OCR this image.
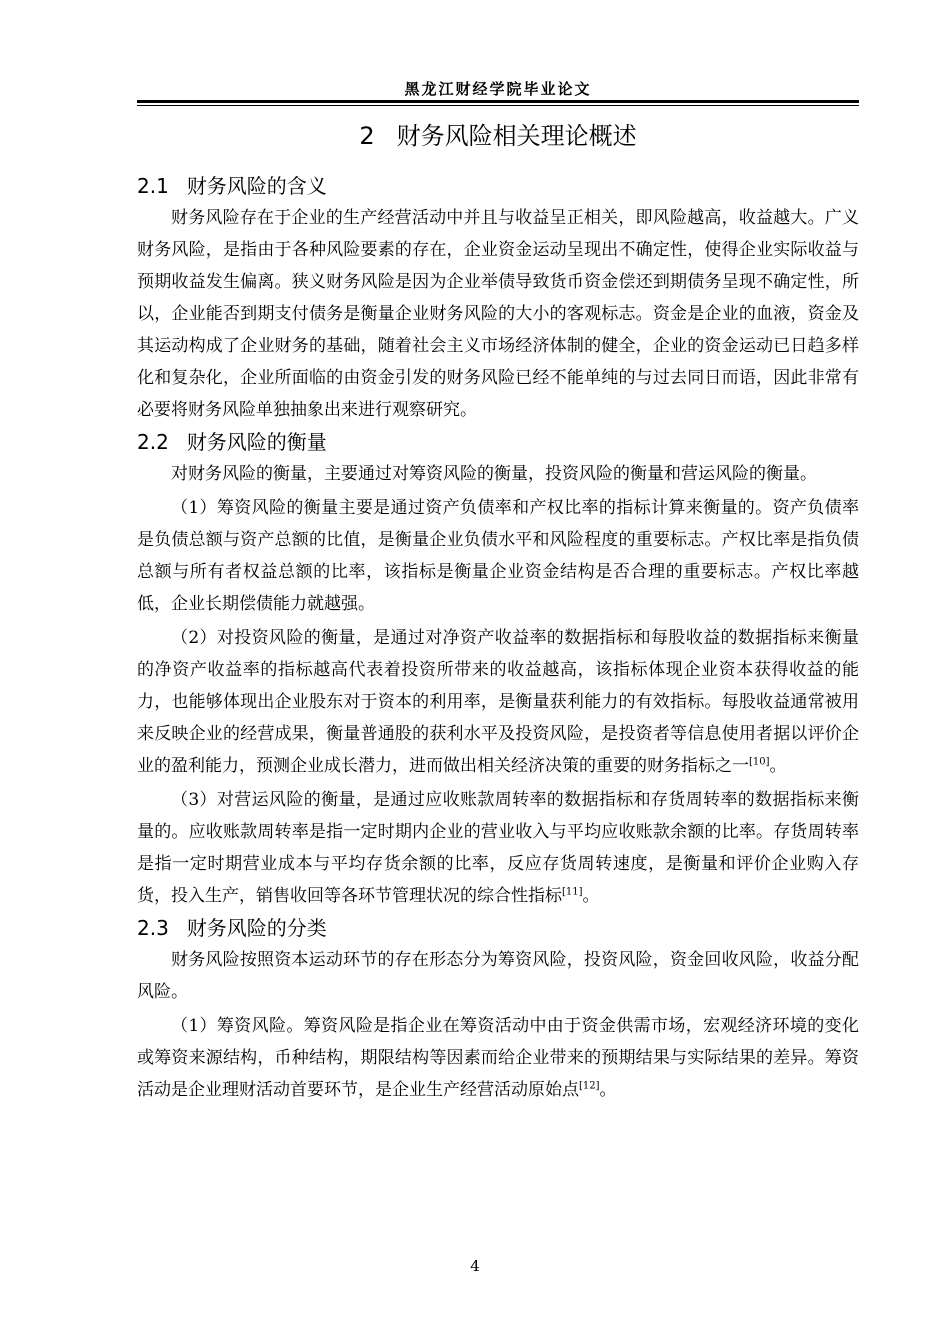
黑龙江财经学院毕业论文
2 财务风险相关理论概述
2.1 财务风险的含义

财务风险存在于企业的生产经营活动中并且与收益呈正相关，即风险越高，收益越大。广义财务风险，是指由于各种风险要素的存在，企业资金运动呈现出不确定性，使得企业实际收益与预期收益发生偏离。狭义财务风险是因为企业举债导致货币资金偿还到期债务呈现不确定性，所以，企业能否到期支付债务是衡量企业财务风险的大小的客观标志。资金是企业的血液，资金及其运动构成了企业财务的基础，随着社会主义市场经济体制的健全，企业的资金运动已日趋多样化和复杂化，企业所面临的由资金引发的财务风险已经不能单纯的与过去同日而语，因此非常有必要将财务风险单独抽象出来进行观察研究。

2.2 财务风险的衡量

对财务风险的衡量，主要通过对筹资风险的衡量，投资风险的衡量和营运风险的衡量。

（1）筹资风险的衡量主要是通过资产负债率和产权比率的指标计算来衡量的。资产负债率是负债总额与资产总额的比值，是衡量企业负债水平和风险程度的重要标志。产权比率是指负债总额与所有者权益总额的比率，该指标是衡量企业资金结构是否合理的重要标志。产权比率越低，企业长期偿债能力就越强。

（2）对投资风险的衡量，是通过对净资产收益率的数据指标和每股收益的数据指标来衡量的净资产收益率的指标越高代表着投资所带来的收益越高，该指标体现企业资本获得收益的能力，也能够体现出企业股东对于资本的利用率，是衡量获利能力的有效指标。每股收益通常被用来反映企业的经营成果，衡量普通股的获利水平及投资风险，是投资者等信息使用者据以评价企业的盈利能力，预测企业成长潜力，进而做出相关经济决策的重要的财务指标之一[10]。

（3）对营运风险的衡量，是通过应收账款周转率的数据指标和存货周转率的数据指标来衡量的。应收账款周转率是指一定时期内企业的营业收入与平均应收账款余额的比率。存货周转率是指一定时期营业成本与平均存货余额的比率，反应存货周转速度，是衡量和评价企业购入存货，投入生产，销售收回等各环节管理状况的综合性指标[11]。

2.3 财务风险的分类

财务风险按照资本运动环节的存在形态分为筹资风险，投资风险，资金回收风险，收益分配风险。

（1）筹资风险。筹资风险是指企业在筹资活动中由于资金供需市场，宏观经济环境的变化或筹资来源结构，币种结构，期限结构等因素而给企业带来的预期结果与实际结果的差异。筹资活动是企业理财活动首要环节，是企业生产经营活动原始点[12]。

4
